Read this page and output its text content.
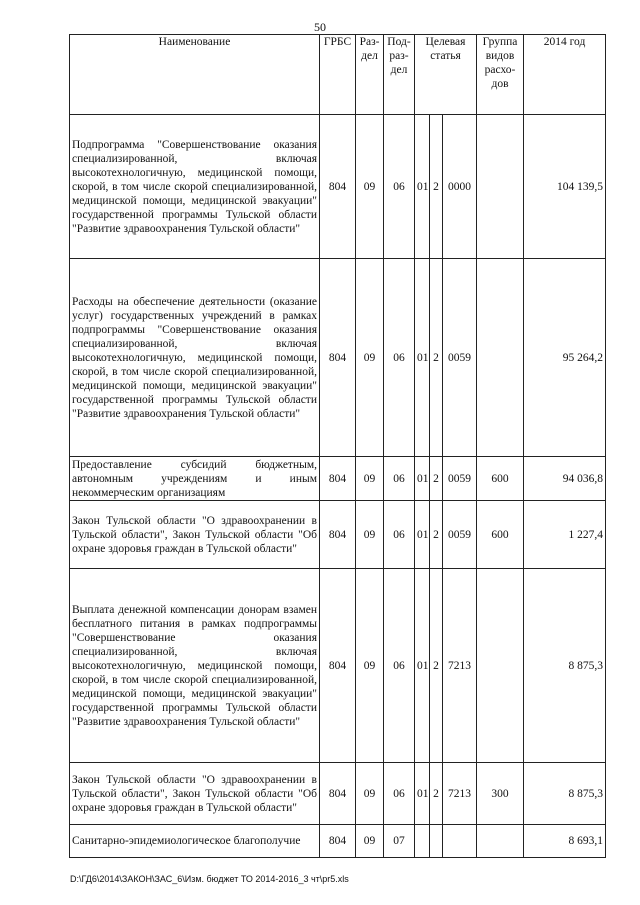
50
Наименование	ГРБС	Раз-дел	Под-раз-дел	Целевая статья			Группа видов расхо-дов	2014 год
Подпрограмма "Совершенствование оказания специализированной, включая высокотехнологичную, медицинской помощи, скорой, в том числе скорой специализированной, медицинской помощи, медицинской эвакуации" государственной программы Тульской области "Развитие здравоохранения Тульской области"	804	09	06	01	2	0000		104 139,5
Расходы на обеспечение деятельности (оказание услуг) государственных учреждений в рамках подпрограммы "Совершенствование оказания специализированной, включая высокотехнологичную, медицинской помощи, скорой, в том числе скорой специализированной, медицинской помощи, медицинской эвакуации" государственной программы Тульской области "Развитие здравоохранения Тульской области"	804	09	06	01	2	0059		95 264,2
Предоставление субсидий бюджетным, автономным учреждениям и иным некоммерческим организациям	804	09	06	01	2	0059	600	94 036,8
Закон Тульской области "О здравоохранении в Тульской области", Закон Тульской области "Об охране здоровья граждан в Тульской области"	804	09	06	01	2	0059	600	1 227,4
Выплата денежной компенсации донорам взамен бесплатного питания в рамках подпрограммы "Совершенствование оказания специализированной, включая высокотехнологичную, медицинской помощи, скорой, в том числе скорой специализированной, медицинской помощи, медицинской эвакуации" государственной программы Тульской области "Развитие здравоохранения Тульской области"	804	09	06	01	2	7213		8 875,3
Закон Тульской области "О здравоохранении в Тульской области", Закон Тульской области "Об охране здоровья граждан в Тульской области"	804	09	06	01	2	7213	300	8 875,3
Санитарно-эпидемиологическое благополучие	804	09	07					8 693,1
D:\ГД6\2014\ЗАКОН\ЗАС_6\Изм. бюджет ТО 2014-2016_3 чт\pr5.xls
